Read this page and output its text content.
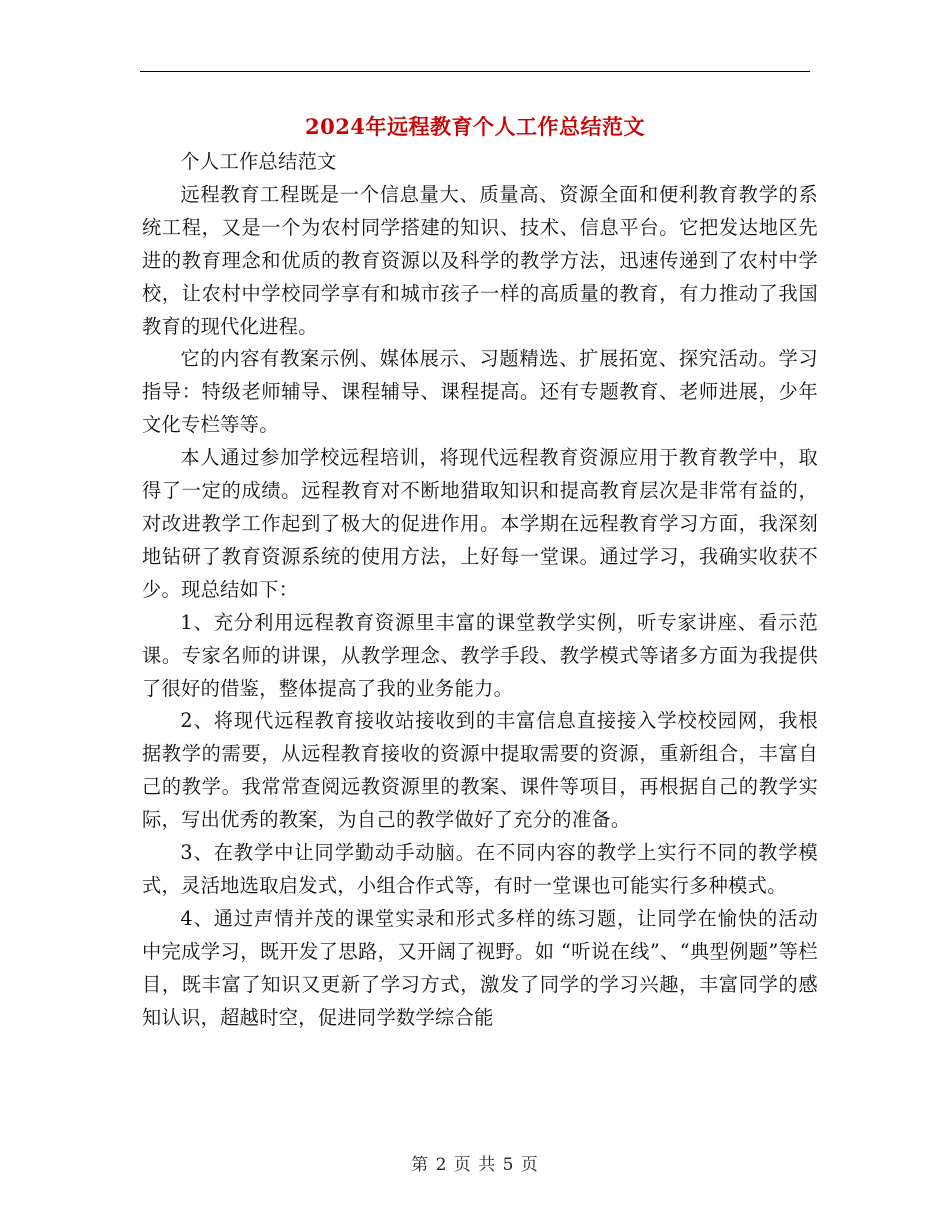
2024年远程教育个人工作总结范文

个人工作总结范文

远程教育工程既是一个信息量大、质量高、资源全面和便利教育教学的系统工程，又是一个为农村同学搭建的知识、技术、信息平台。它把发达地区先进的教育理念和优质的教育资源以及科学的教学方法，迅速传递到了农村中学校，让农村中学校同学享有和城市孩子一样的高质量的教育，有力推动了我国教育的现代化进程。

它的内容有教案示例、媒体展示、习题精选、扩展拓宽、探究活动。学习指导：特级老师辅导、课程辅导、课程提高。还有专题教育、老师进展，少年文化专栏等等。

本人通过参加学校远程培训，将现代远程教育资源应用于教育教学中，取得了一定的成绩。远程教育对不断地猎取知识和提高教育层次是非常有益的，对改进教学工作起到了极大的促进作用。本学期在远程教育学习方面，我深刻地钻研了教育资源系统的使用方法，上好每一堂课。通过学习，我确实收获不少。现总结如下：

1、充分利用远程教育资源里丰富的课堂教学实例，听专家讲座、看示范课。专家名师的讲课，从教学理念、教学手段、教学模式等诸多方面为我提供了很好的借鉴，整体提高了我的业务能力。

2、将现代远程教育接收站接收到的丰富信息直接接入学校校园网，我根据教学的需要，从远程教育接收的资源中提取需要的资源，重新组合，丰富自己的教学。我常常查阅远教资源里的教案、课件等项目，再根据自己的教学实际，写出优秀的教案，为自己的教学做好了充分的准备。

3、在教学中让同学勤动手动脑。在不同内容的教学上实行不同的教学模式，灵活地选取启发式，小组合作式等，有时一堂课也可能实行多种模式。

4、通过声情并茂的课堂实录和形式多样的练习题，让同学在愉快的活动中完成学习，既开发了思路，又开阔了视野。如 “听说在线”、“典型例题”等栏目，既丰富了知识又更新了学习方式，激发了同学的学习兴趣，丰富同学的感知认识，超越时空，促进同学数学综合能

第 2 页 共 5 页
